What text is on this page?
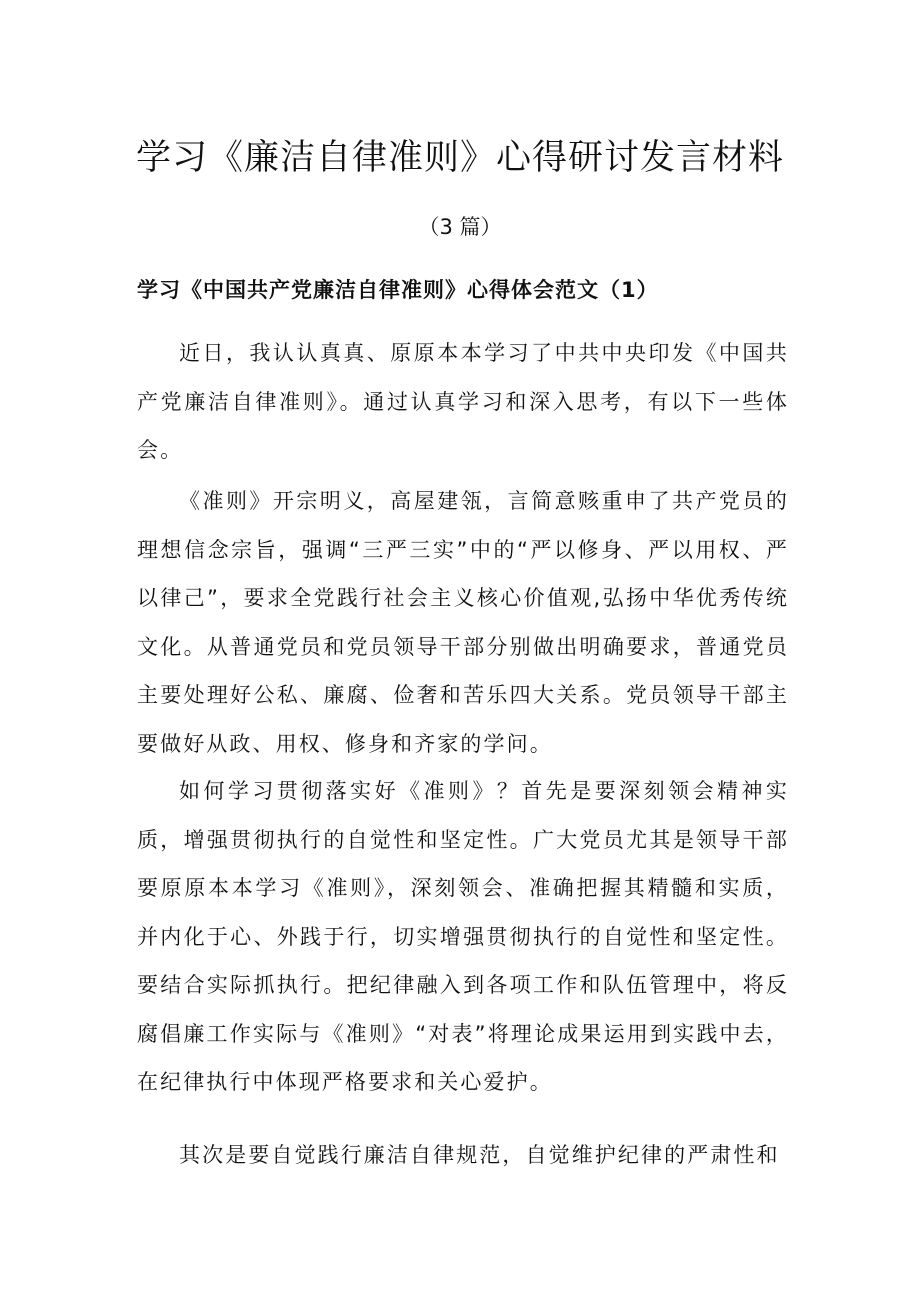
学习《廉洁自律准则》心得研讨发言材料
（3 篇）
学习《中国共产党廉洁自律准则》心得体会范文（1）

近日，我认认真真、原原本本学习了中共中央印发《中国共产党廉洁自律准则》。通过认真学习和深入思考，有以下一些体会。

《准则》开宗明义，高屋建瓴，言简意赅重申了共产党员的理想信念宗旨，强调“三严三实”中的“严以修身、严以用权、严以律己”，要求全党践行社会主义核心价值观,弘扬中华优秀传统文化。从普通党员和党员领导干部分别做出明确要求，普通党员主要处理好公私、廉腐、俭奢和苦乐四大关系。党员领导干部主要做好从政、用权、修身和齐家的学问。

如何学习贯彻落实好《准则》？首先是要深刻领会精神实质，增强贯彻执行的自觉性和坚定性。广大党员尤其是领导干部要原原本本学习《准则》，深刻领会、准确把握其精髓和实质，并内化于心、外践于行，切实增强贯彻执行的自觉性和坚定性。要结合实际抓执行。把纪律融入到各项工作和队伍管理中，将反腐倡廉工作实际与《准则》“对表”将理论成果运用到实践中去，在纪律执行中体现严格要求和关心爱护。

其次是要自觉践行廉洁自律规范，自觉维护纪律的严肃性和
